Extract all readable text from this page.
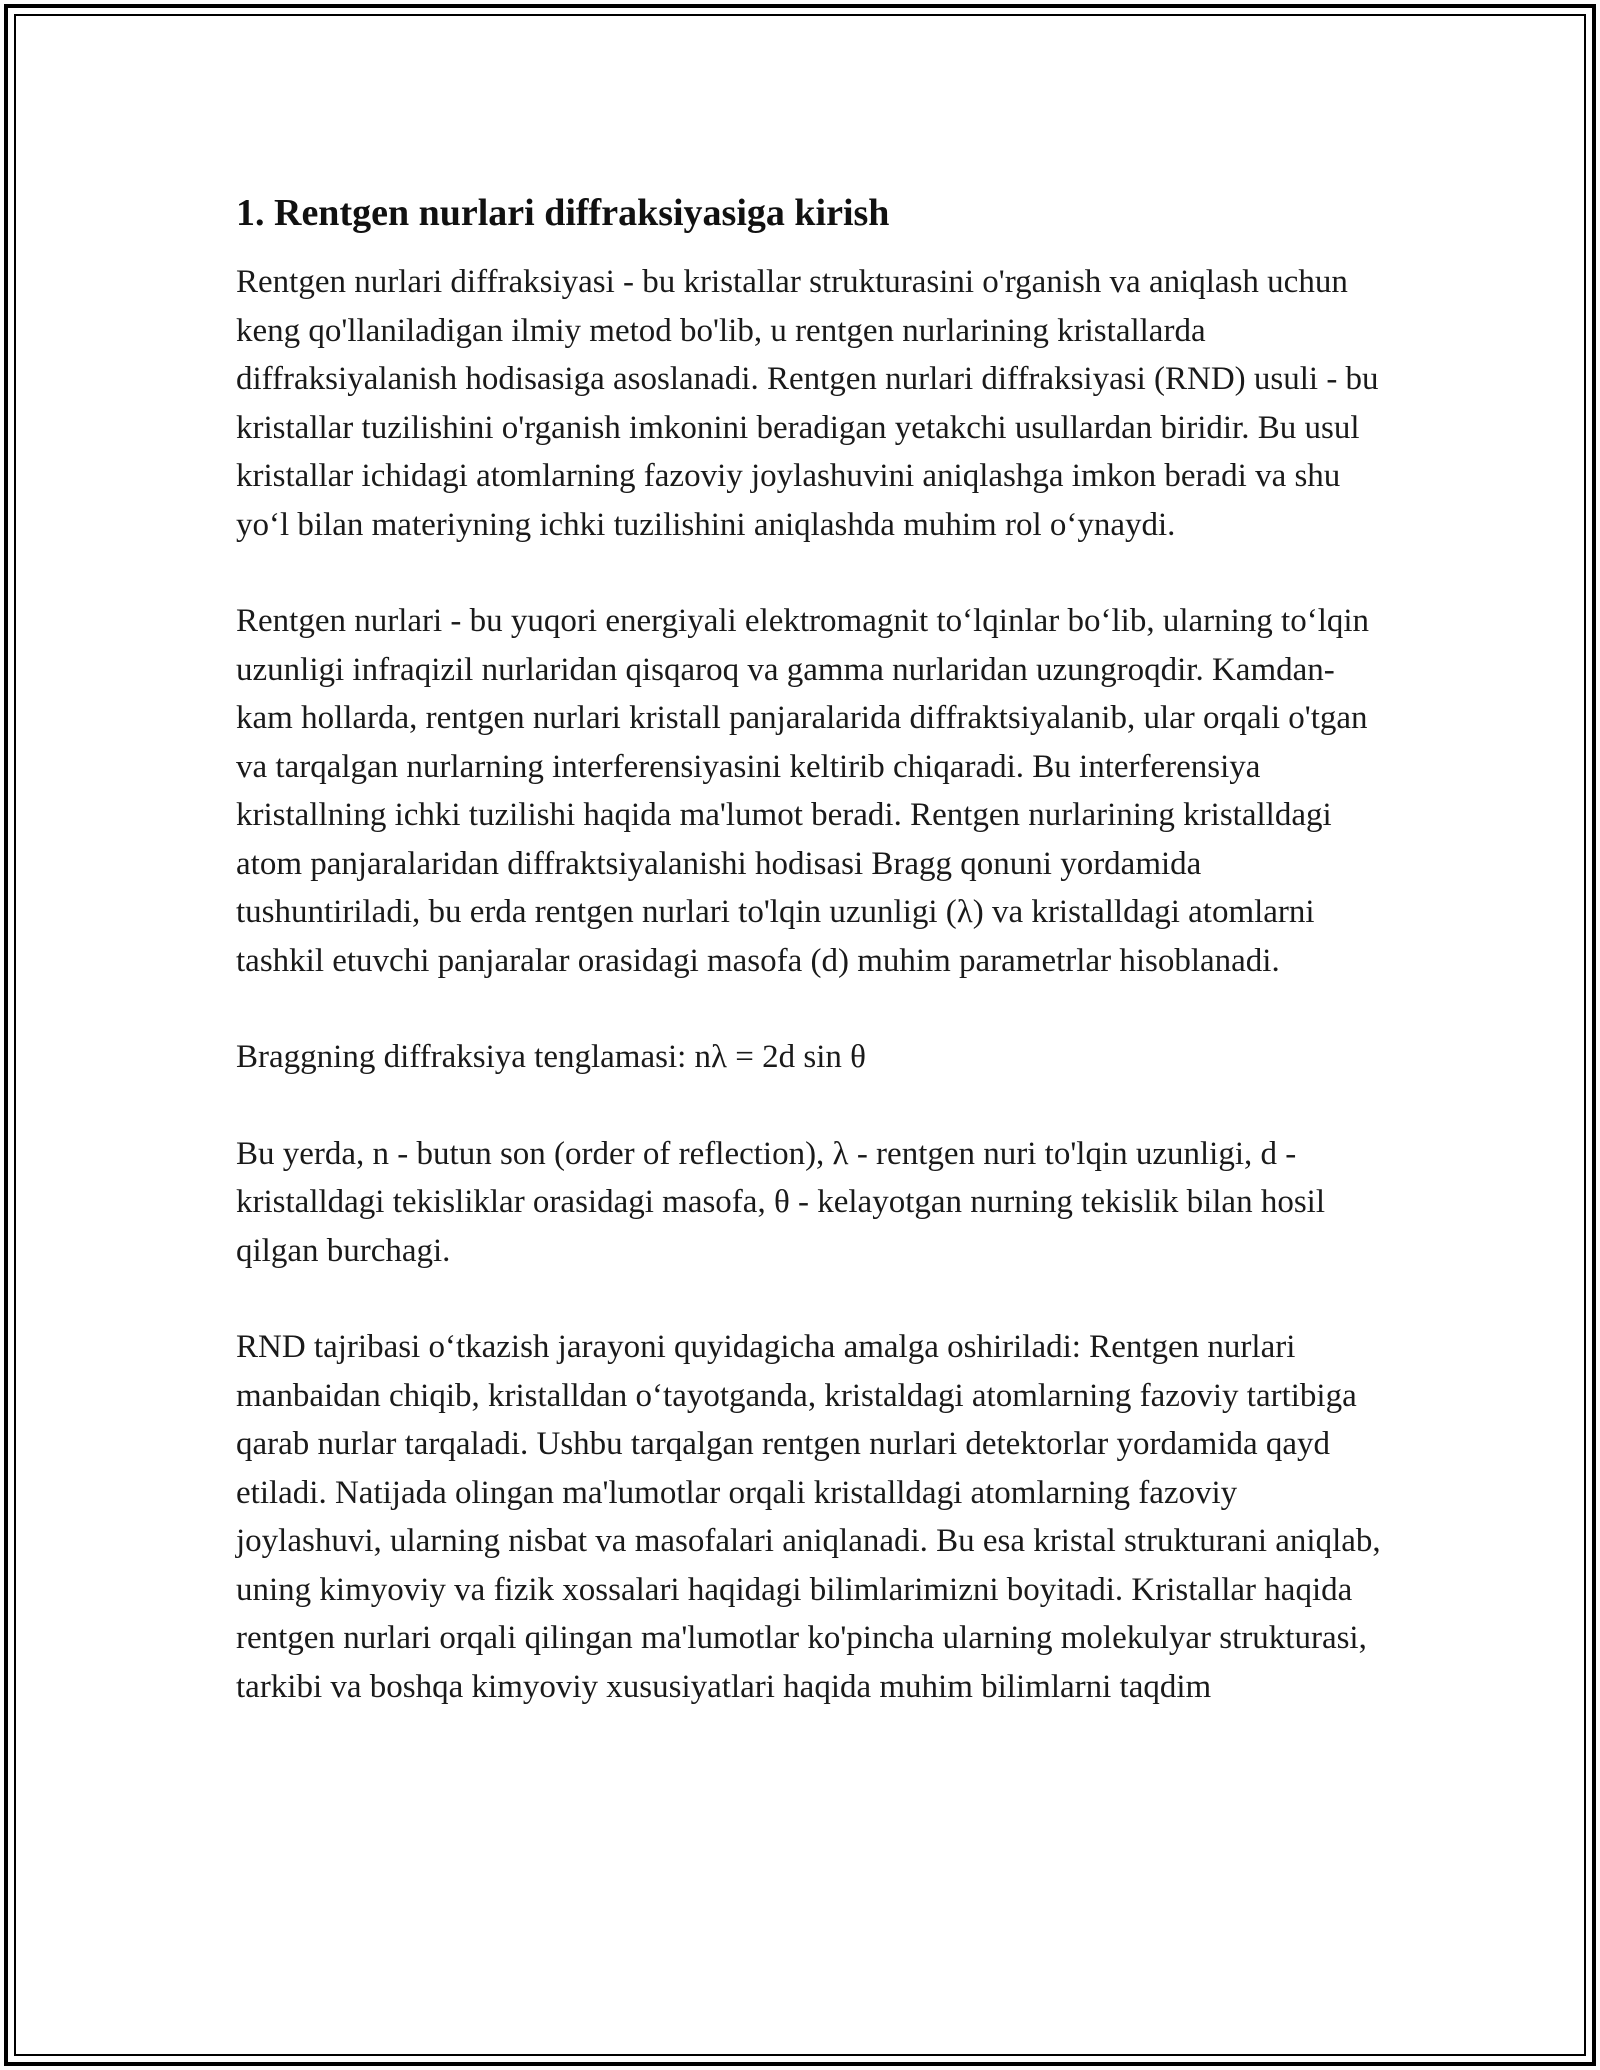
1. Rentgen nurlari diffraksiyasiga kirish

Rentgen nurlari diffraksiyasi - bu kristallar strukturasini o'rganish va aniqlash uchun keng qo'llaniladigan ilmiy metod bo'lib, u rentgen nurlarining kristallarda diffraksiyalanish hodisasiga asoslanadi. Rentgen nurlari diffraksiyasi (RND) usuli - bu kristallar tuzilishini o'rganish imkonini beradigan yetakchi usullardan biridir. Bu usul kristallar ichidagi atomlarning fazoviy joylashuvini aniqlashga imkon beradi va shu yo‘l bilan materiyning ichki tuzilishini aniqlashda muhim rol o‘ynaydi.

Rentgen nurlari - bu yuqori energiyali elektromagnit to‘lqinlar bo‘lib, ularning to‘lqin uzunligi infraqizil nurlaridan qisqaroq va gamma nurlaridan uzungroqdir. Kamdan-kam hollarda, rentgen nurlari kristall panjaralarida diffraktsiyalanib, ular orqali o'tgan va tarqalgan nurlarning interferensiyasini keltirib chiqaradi. Bu interferensiya kristallning ichki tuzilishi haqida ma'lumot beradi. Rentgen nurlarining kristalldagi atom panjaralaridan diffraktsiyalanishi hodisasi Bragg qonuni yordamida tushuntiriladi, bu erda rentgen nurlari to'lqin uzunligi (λ) va kristalldagi atomlarni tashkil etuvchi panjaralar orasidagi masofa (d) muhim parametrlar hisoblanadi.

Braggning diffraksiya tenglamasi: nλ = 2d sin θ

Bu yerda, n - butun son (order of reflection), λ - rentgen nuri to'lqin uzunligi, d - kristalldagi tekisliklar orasidagi masofa, θ - kelayotgan nurning tekislik bilan hosil qilgan burchagi.

RND tajribasi o‘tkazish jarayoni quyidagicha amalga oshiriladi: Rentgen nurlari manbaidan chiqib, kristalldan o‘tayotganda, kristaldagi atomlarning fazoviy tartibiga qarab nurlar tarqaladi. Ushbu tarqalgan rentgen nurlari detektorlar yordamida qayd etiladi. Natijada olingan ma'lumotlar orqali kristalldagi atomlarning fazoviy joylashuvi, ularning nisbat va masofalari aniqlanadi. Bu esa kristal strukturani aniqlab, uning kimyoviy va fizik xossalari haqidagi bilimlarimizni boyitadi. Kristallar haqida rentgen nurlari orqali qilingan ma'lumotlar ko'pincha ularning molekulyar strukturasi, tarkibi va boshqa kimyoviy xususiyatlari haqida muhim bilimlarni taqdim
